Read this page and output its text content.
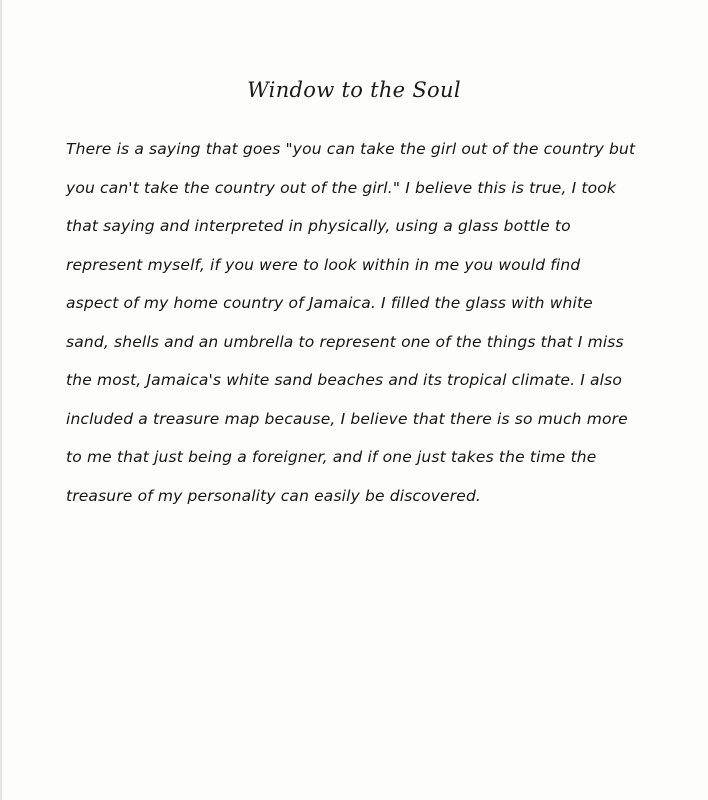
Window to the Soul
There is a saying that goes "you can take the girl out of the country but
you can't take the country out of the girl." I believe this is true, I took
that saying and interpreted in physically, using a glass bottle to
represent myself, if you were to look within in me you would find
aspect of my home country of Jamaica. I filled the glass with white
sand, shells and an umbrella to represent one of the things that I miss
the most, Jamaica's white sand beaches and its tropical climate. I also
included a treasure map because, I believe that there is so much more
to me that just being a foreigner, and if one just takes the time the
treasure of my personality can easily be discovered.
